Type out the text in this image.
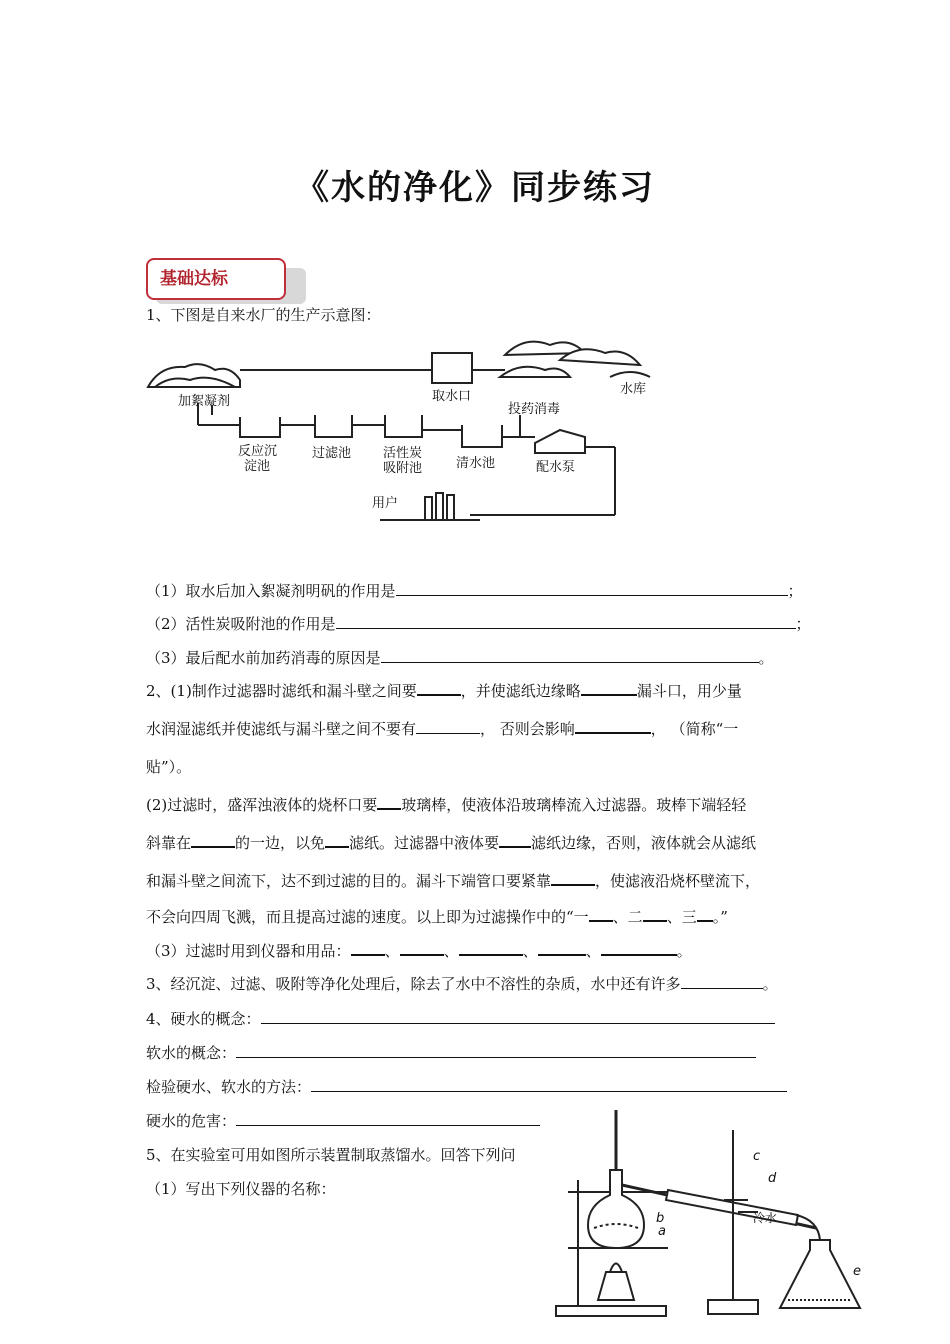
《水的净化》同步练习
基础达标
1、下图是自来水厂的生产示意图：
加絮凝剂	取水口	水库
投药消毒
反应沉
淀池
过滤池 活性炭
吸附池	清水池	配水泵
用户
（1）取水后加入絮凝剂明矾的作用是	；
（2）活性炭吸附池的作用是	；
（3）最后配水前加药消毒的原因是	。
2、(1)制作过滤器时滤纸和漏斗壁之间要	，并使滤纸边缘略	漏斗口，用少量
水润湿滤纸并使滤纸与漏斗壁之间不要有	， 否则会影响	， （简称“一
贴”）。
(2)过滤时，盛浑浊液体的烧杯口要 玻璃棒，使液体沿玻璃棒流入过滤器。玻棒下端轻轻
斜靠在	的一边，以免 滤纸。过滤器中液体要 滤纸边缘，否则，液体就会从滤纸
和漏斗壁之间流下，达不到过滤的目的。漏斗下端管口要紧靠	，使滤液沿烧杯壁流下，
不会向四周飞溅，而且提高过滤的速度。以上即为过滤操作中的“一 、二 、三 。”
（3）过滤时用到仪器和用品： 、	、	、	、	。
3、经沉淀、过滤、吸附等净化处理后，除去了水中不溶性的杂质，水中还有许多	。
4、硬水的概念：
软水的概念：
检验硬水、软水的方法：
硬水的危害：
5、在实验室可用如图所示装置制取蒸馏水。回答下列问
（1）写出下列仪器的名称：
a
b
c
d
e
冷水
